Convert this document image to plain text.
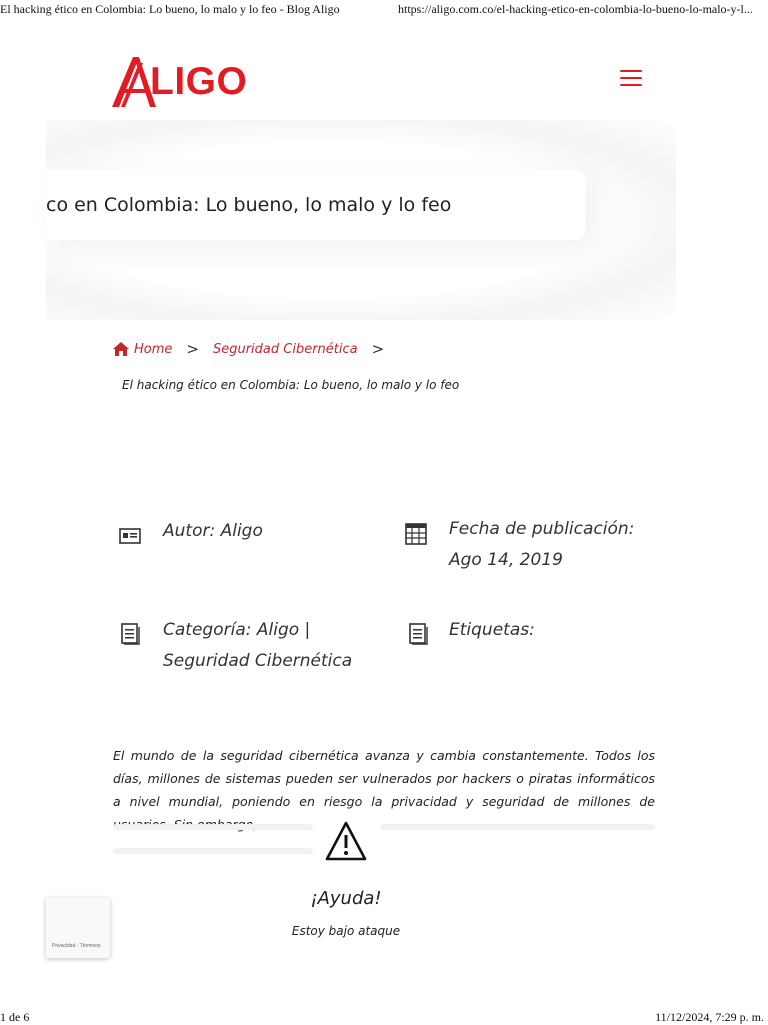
El hacking ético en Colombia: Lo bueno, lo malo y lo feo - Blog Aligo	https://aligo.com.co/el-hacking-etico-en-colombia-lo-bueno-lo-malo-y-l...
LIGO
co en Colombia: Lo bueno, lo malo y lo feo
Home > Seguridad Cibernética >
El hacking ético en Colombia: Lo bueno, lo malo y lo feo
Autor: Aligo	Fecha de publicación:
Ago 14, 2019
Categoría: Aligo |
Seguridad Cibernética
Etiquetas:
El mundo de la seguridad cibernética avanza y cambia constantemente. Todos los días, millones de sistemas pueden ser vulnerados por hackers o piratas informáticos a nivel mundial, poniendo en riesgo la privacidad y seguridad de millones de
¡Ayuda!
Estoy bajo ataque
Privacidad - Términos
1 de 6	11/12/2024, 7:29 p. m.
